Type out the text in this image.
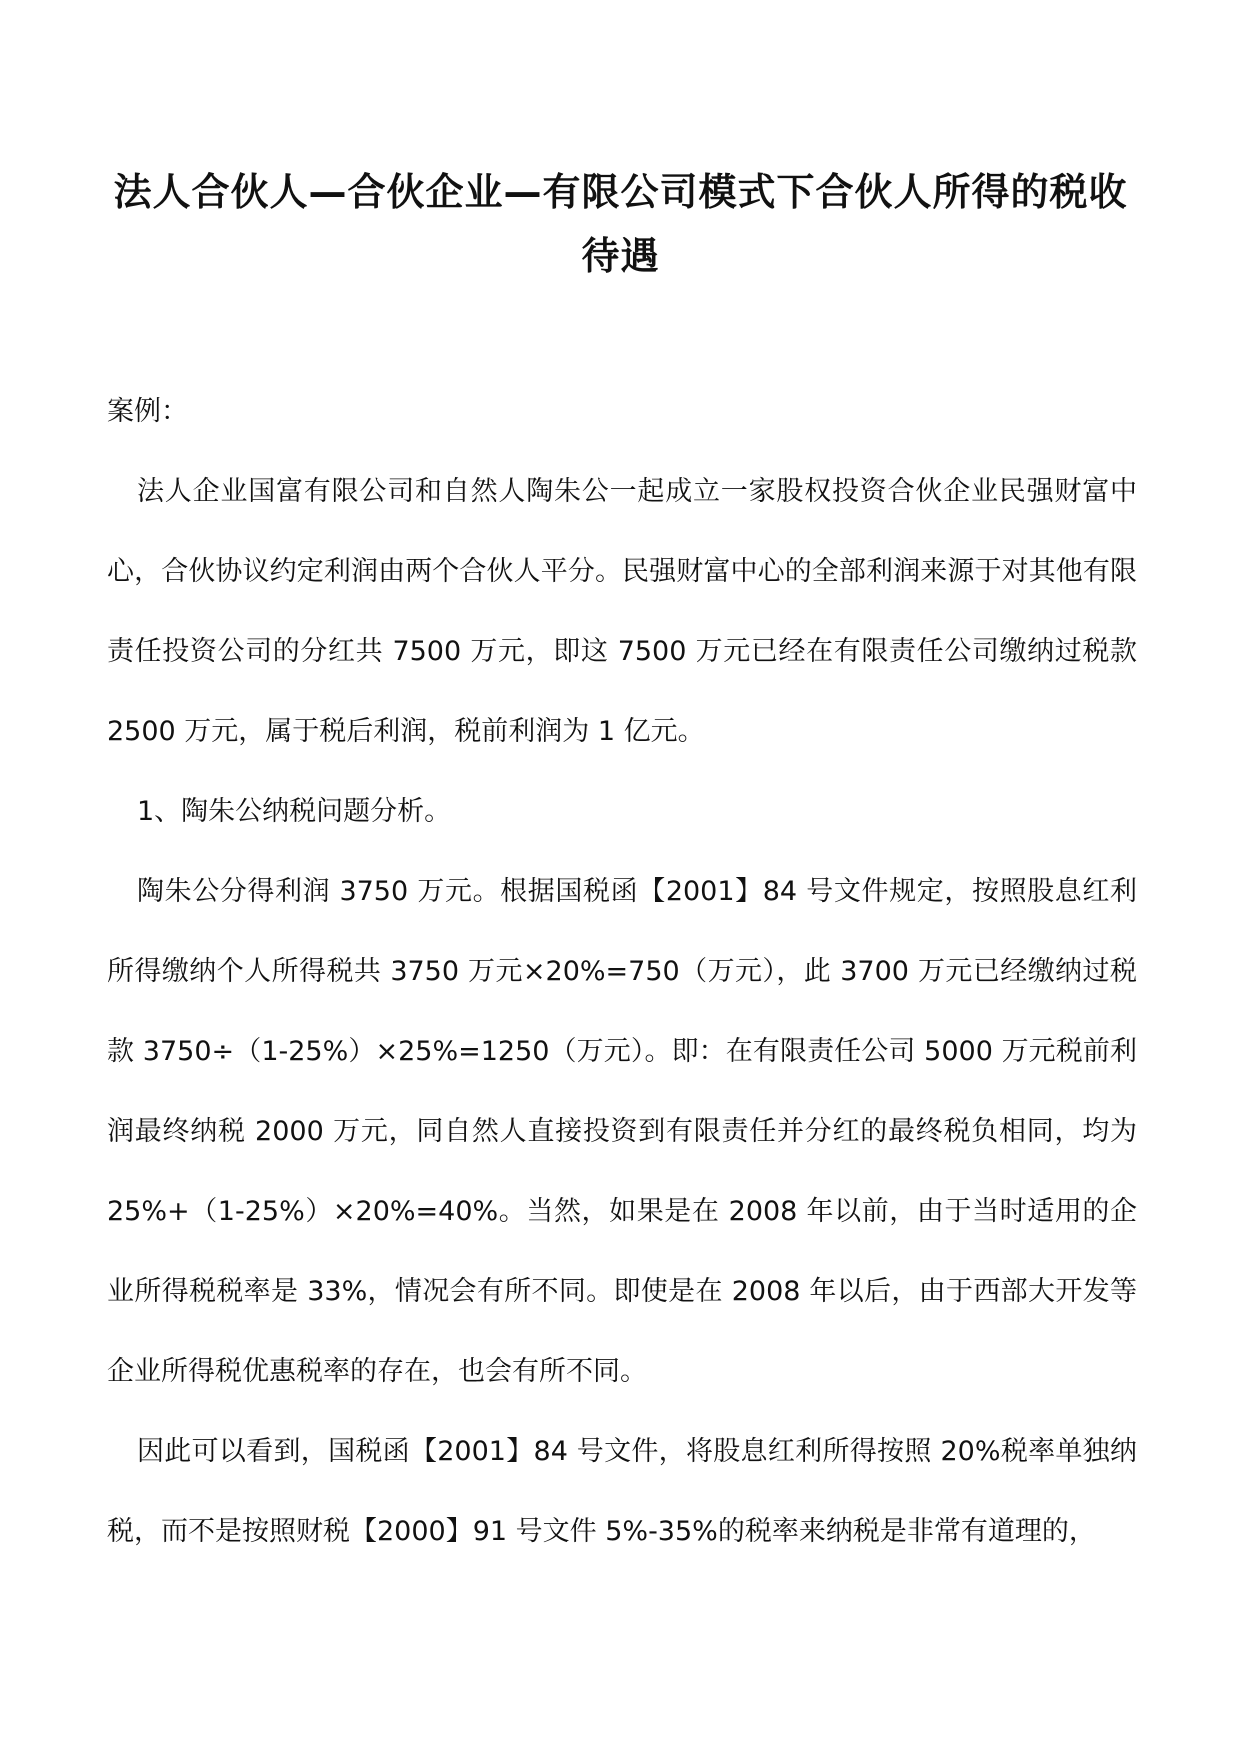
法人合伙人—合伙企业—有限公司模式下合伙人所得的税收待遇

案例：

法人企业国富有限公司和自然人陶朱公一起成立一家股权投资合伙企业民强财富中心，合伙协议约定利润由两个合伙人平分。民强财富中心的全部利润来源于对其他有限责任投资公司的分红共 7500 万元，即这 7500 万元已经在有限责任公司缴纳过税款 2500 万元，属于税后利润，税前利润为 1 亿元。

1、陶朱公纳税问题分析。

陶朱公分得利润 3750 万元。根据国税函【2001】84 号文件规定，按照股息红利所得缴纳个人所得税共 3750 万元×20%=750（万元），此 3700 万元已经缴纳过税款 3750÷（1-25%）×25%=1250（万元）。即：在有限责任公司 5000 万元税前利润最终纳税 2000 万元，同自然人直接投资到有限责任并分红的最终税负相同，均为 25%+（1-25%）×20%=40%。当然，如果是在 2008 年以前，由于当时适用的企业所得税税率是 33%，情况会有所不同。即使是在 2008 年以后，由于西部大开发等企业所得税优惠税率的存在，也会有所不同。

因此可以看到，国税函【2001】84 号文件，将股息红利所得按照 20%税率单独纳税，而不是按照财税【2000】91 号文件 5%-35%的税率来纳税是非常有道理的，
